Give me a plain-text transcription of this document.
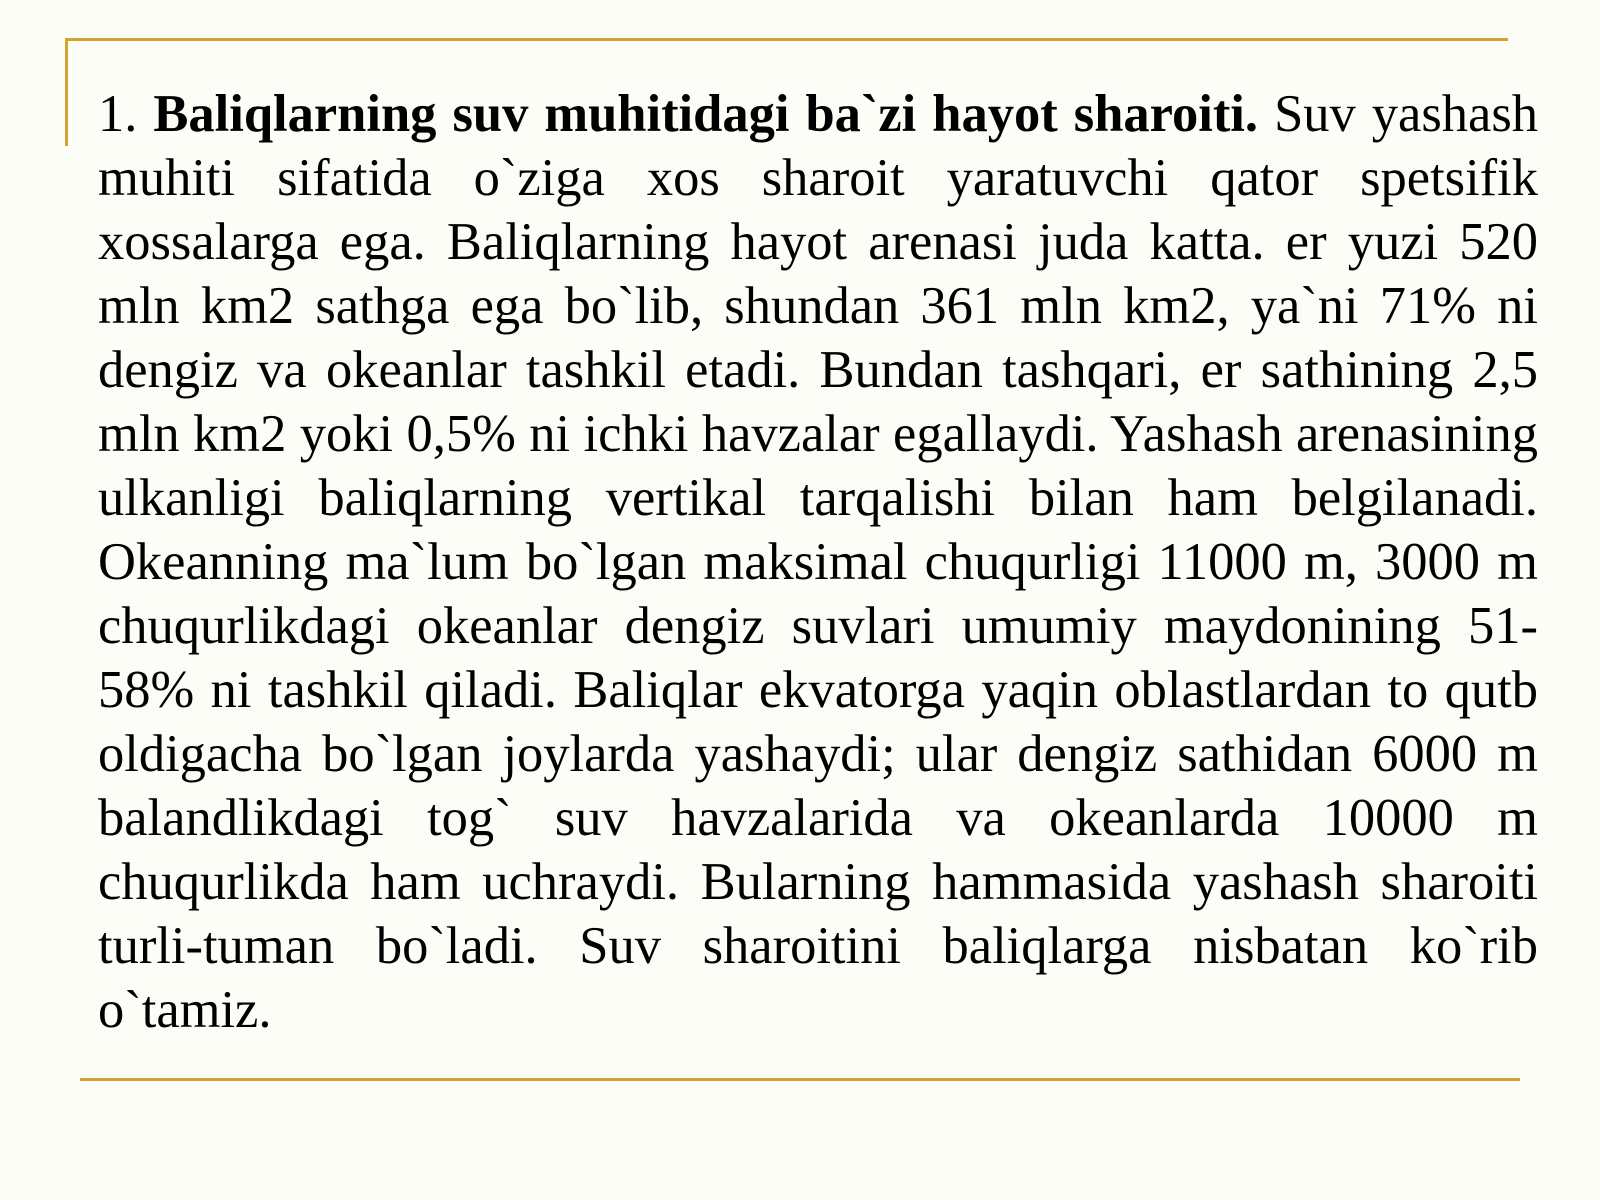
1. Baliqlarning suv muhitidagi ba`zi hayot sharoiti. Suv yashash muhiti sifatida o`ziga xos sharoit yaratuvchi qator spetsifik xossalarga ega. Baliqlarning hayot arenasi juda katta. er yuzi 520 mln km2 sathga ega bo`lib, shundan 361 mln km2, ya`ni 71% ni dengiz va okeanlar tashkil etadi. Bundan tashqari, er sathining 2,5 mln km2 yoki 0,5% ni ichki havzalar egallaydi. Yashash arenasining ulkanligi baliqlarning vertikal tarqalishi bilan ham belgilanadi. Okeanning ma`lum bo`lgan maksimal chuqurligi 11000 m, 3000 m chuqurlikdagi okeanlar dengiz suvlari umumiy maydonining 51-58% ni tashkil qiladi. Baliqlar ekvatorga yaqin oblastlardan to qutb oldigacha bo`lgan joylarda yashaydi; ular dengiz sathidan 6000 m balandlikdagi tog` suv havzalarida va okeanlarda 10000 m chuqurlikda ham uchraydi. Bularning hammasida yashash sharoiti turli-tuman bo`ladi. Suv sharoitini baliqlarga nisbatan ko`rib o`tamiz.
